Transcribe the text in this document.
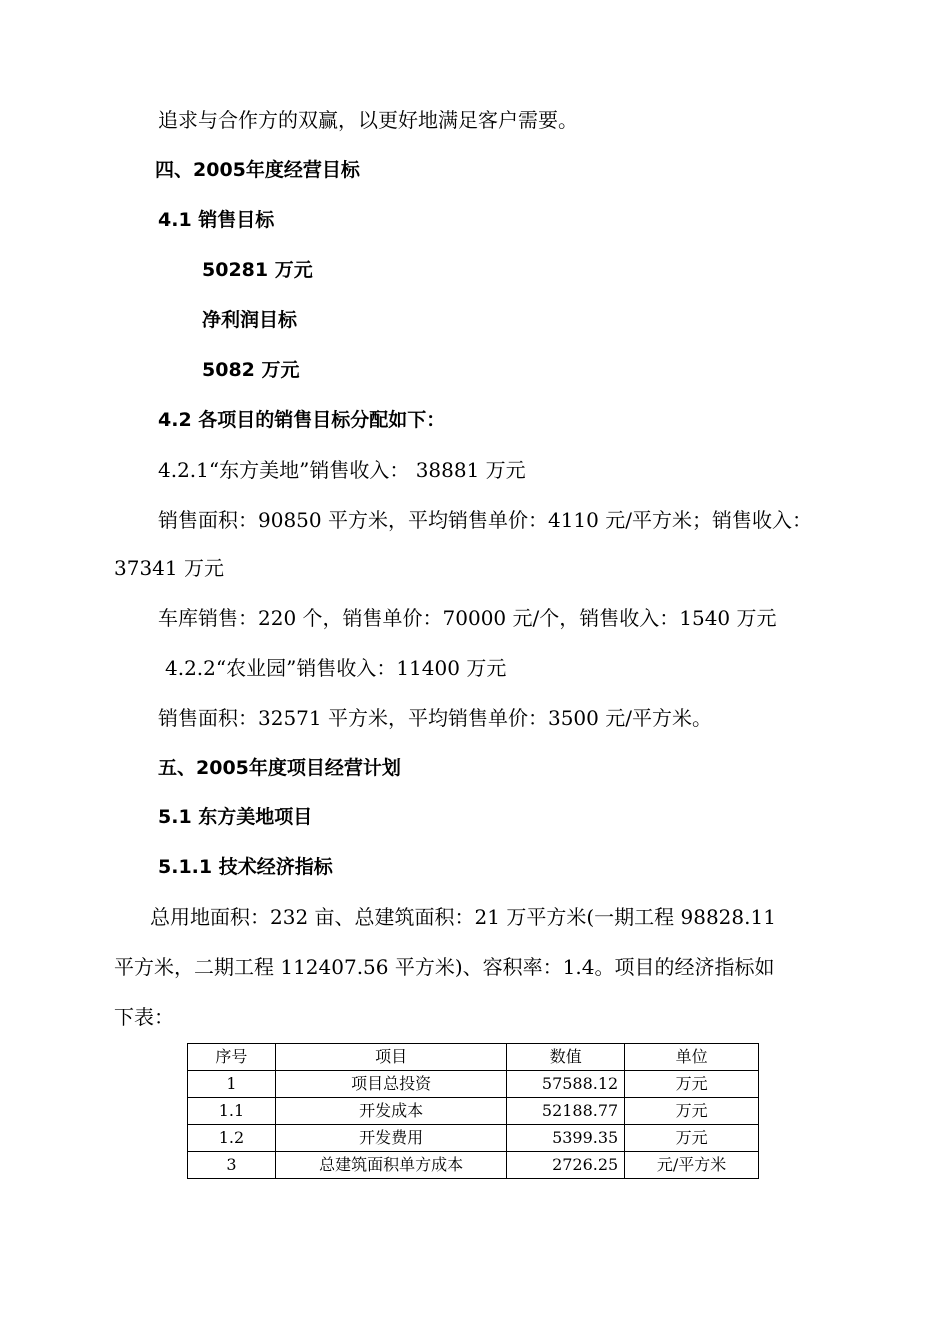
追求与合作方的双赢，以更好地满足客户需要。
四、2005年度经营目标
4.1 销售目标
50281 万元
净利润目标
5082 万元
4.2 各项目的销售目标分配如下：
4.2.1“东方美地”销售收入： 38881 万元
销售面积：90850 平方米，平均销售单价：4110 元/平方米；销售收入：
37341 万元
车库销售：220 个，销售单价：70000 元/个，销售收入：1540 万元
4.2.2“农业园”销售收入：11400 万元
销售面积：32571 平方米，平均销售单价：3500 元/平方米。
五、2005年度项目经营计划
5.1 东方美地项目
5.1.1 技术经济指标
总用地面积：232 亩、总建筑面积：21 万平方米(一期工程 98828.11
平方米，二期工程 112407.56 平方米)、容积率：1.4。项目的经济指标如
下表：
序号	项目	数值	单位
1	项目总投资	57588.12	万元
1.1	开发成本	52188.77	万元
1.2	开发费用	5399.35	万元
3	总建筑面积单方成本	2726.25	元/平方米
